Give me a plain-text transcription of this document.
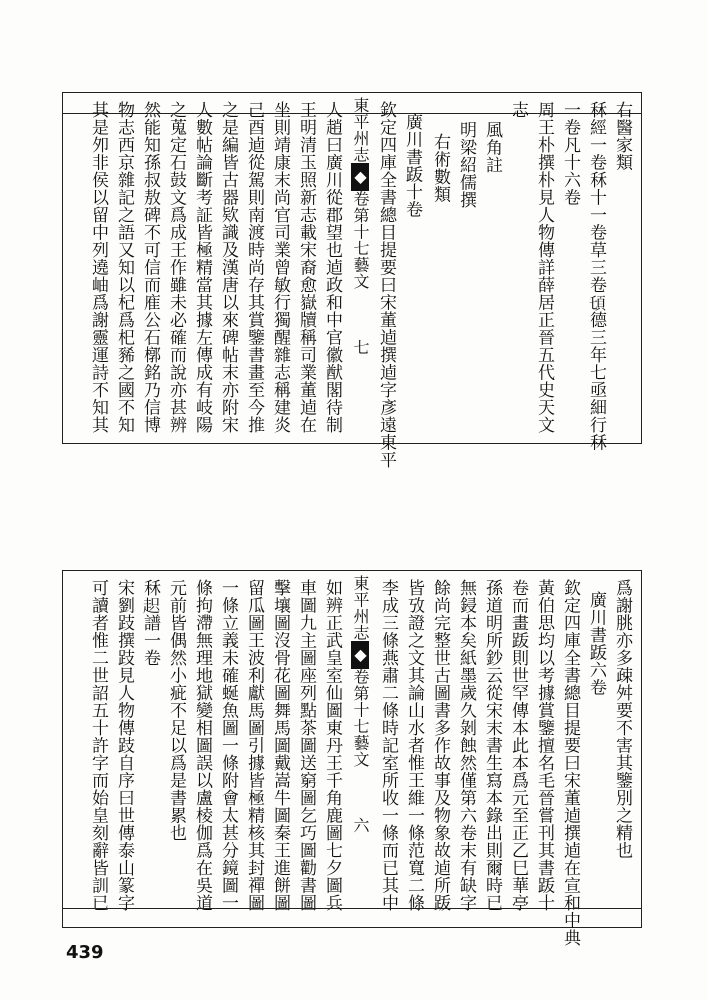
右醫家類
秝經一卷秝十一卷草三卷𩑒德三年七亟細行秝
一卷凡十六卷
周王朴撰朴見人物傳詳薛居正晉五代史天文
志
風角註
明梁紹儒撰
右術數類
廣川書䟦十卷
欽定四庫全書總目提要曰宋董逌撰逌字彥遠東平
東平州志◆卷第十七藝文　　　七
人趙曰廣川從郡望也逌政和中官徽猷閣待制
王明清玉照新志載宋裔愈嶽牘稱司業董逌在
坐則靖康末尚官司業曾敏行獨醒雜志稱建炎
己酉逌從駕則南渡時尚存其賞鑒書畫至今推
之是編皆古器欵識及漢唐以來碑帖末亦附宋
人數帖論斷考証皆極精當其據左傳成有岐陽
之蒐定石鼓文爲成王作雖未必確而說亦甚辨
然能知孫叔敖碑不可信而㢈公石槨銘乃信博
物志西京雜記之語又知以杞爲𣏌豨之國不知
其是夘非侯以留中列遶岫爲謝靈運詩不知其
爲謝朓亦多疎舛要不害其鑒別之精也
廣川書䟦六卷
欽定四庫全書總目提要曰宋董逌撰逌在宣和中典
黃伯思均以考據賞鑒擅名毛晉嘗刊其書䟦十
卷而畫䟦則世罕傳本此本爲元至正乙巳華亭
孫道明所鈔云從宋末書生寫本錄出則爾時已
無鋟本矣紙墨歲久剝蝕然僅第六卷末有缺字
餘尚完整世古圖書多作故事及物象故逌所䟦
皆攷證之文其論山水者惟王維一條范寬二條
李成三條燕肅二條時記室所收一條而已其中
東平州志◆卷第十七藝文　　　六
如辨正武皇室仙圖東丹王千角鹿圖七夕圖兵
車圖九主圖座列點茶圖送窮圖乞巧圖勸書圖
擊壤圖沒骨花圖舞馬圖戴嵩牛圖秦王進餅圖
留瓜圖王波利獻馬圖引據皆極精核其封禪圖
一條立義未確蜒魚圖一條附會太甚分鏡圖一
條拘滯無理地獄變相圖誤以盧棱伽爲在吳道
元前皆偶然小疵不足以爲是書累也
秝𧻍譜一卷
宋劉跂撰跂見人物傳跂自序曰世傳泰山篆字
可讀者惟二世詔五十許字而始皇刻辭皆訓已
439
